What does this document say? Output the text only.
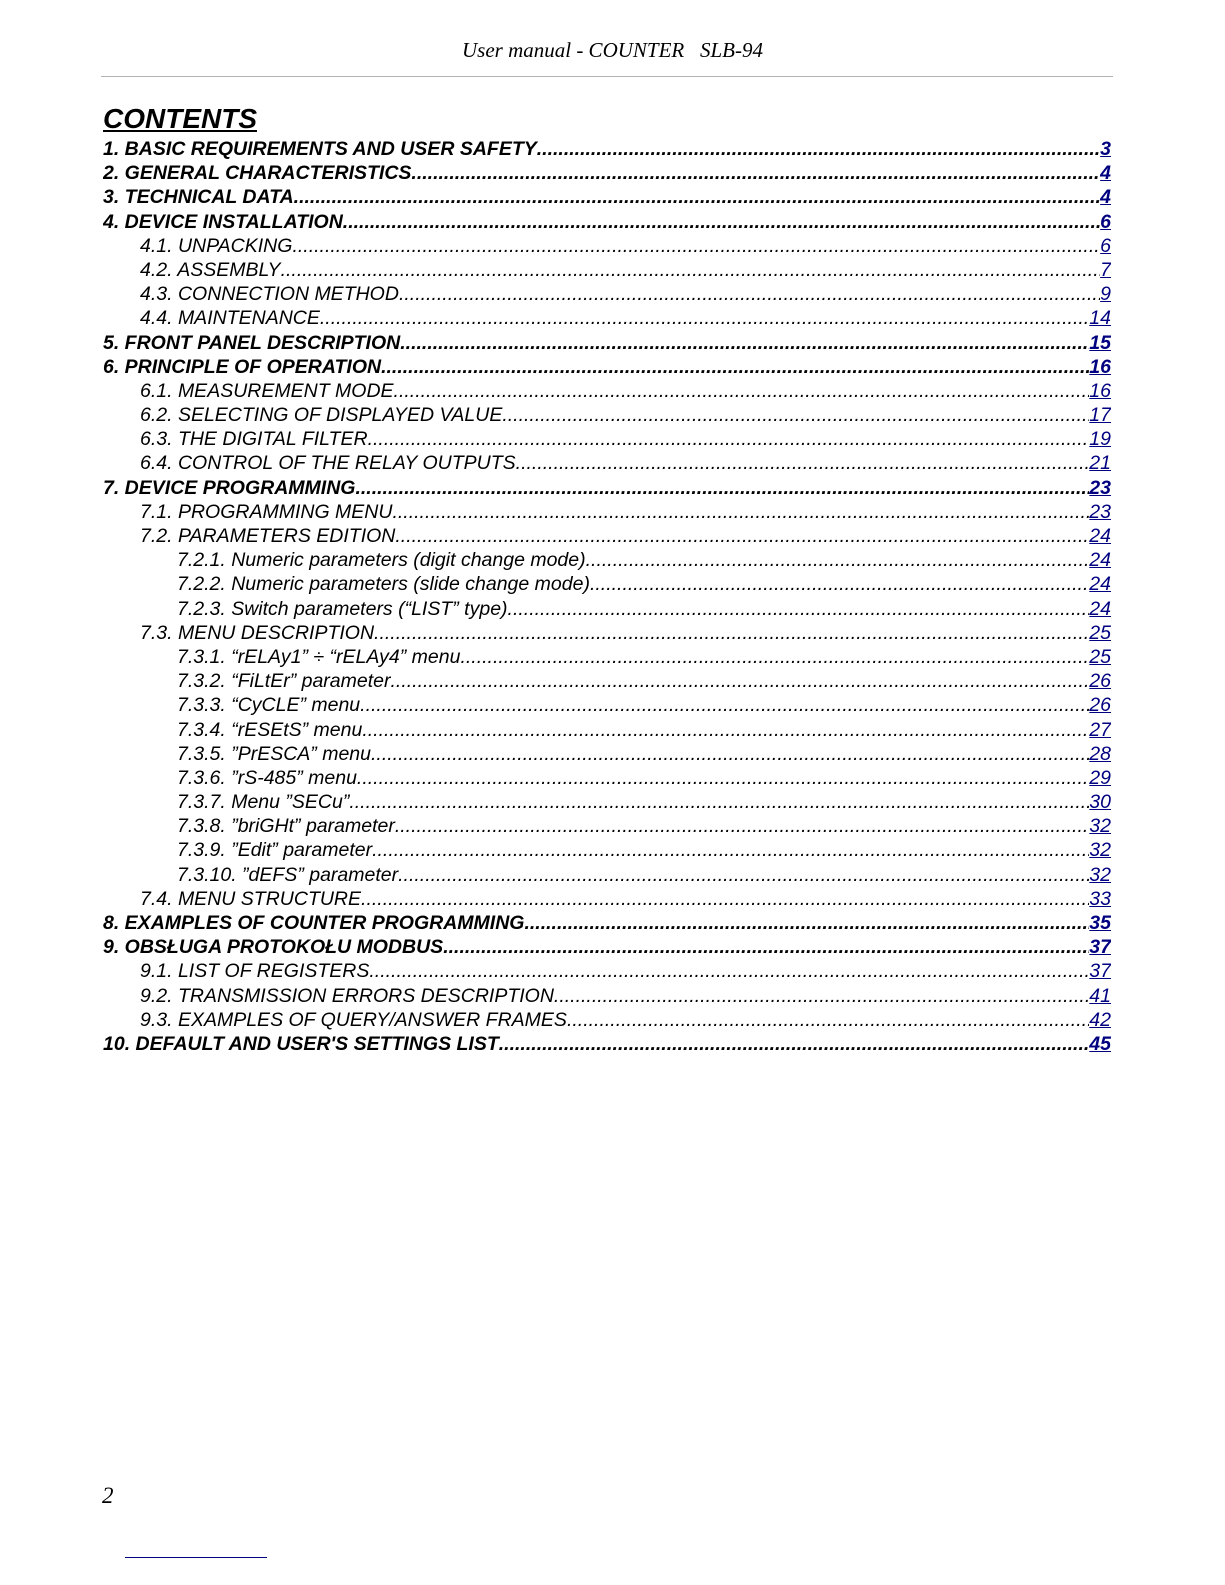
User manual - COUNTER   SLB-94
CONTENTS
1. BASIC REQUIREMENTS AND USER SAFETY .....	3
2. GENERAL CHARACTERISTICS .....	4
3. TECHNICAL DATA .....	4
4. DEVICE INSTALLATION .....	6
4.1. UNPACKING .....	6
4.2. ASSEMBLY .....	7
4.3. CONNECTION METHOD .....	9
4.4. MAINTENANCE .....	14
5. FRONT PANEL DESCRIPTION .....	15
6. PRINCIPLE OF OPERATION .....	16
6.1. MEASUREMENT MODE .....	16
6.2. SELECTING OF DISPLAYED VALUE .....	17
6.3. THE DIGITAL FILTER .....	19
6.4. CONTROL OF THE RELAY OUTPUTS .....	21
7. DEVICE PROGRAMMING .....	23
7.1. PROGRAMMING MENU .....	23
7.2. PARAMETERS EDITION .....	24
7.2.1. Numeric parameters (digit change mode) .....	24
7.2.2. Numeric parameters (slide change mode) .....	24
7.2.3. Switch parameters (“LIST” type) .....	24
7.3. MENU DESCRIPTION .....	25
7.3.1. “rELAy1” ÷ “rELAy4” menu .....	25
7.3.2. “FiLtEr” parameter .....	26
7.3.3. “CyCLE” menu .....	26
7.3.4. “rESEtS” menu .....	27
7.3.5. ”PrESCA” menu .....	28
7.3.6. ”rS-485” menu .....	29
7.3.7. Menu ”SECu” .....	30
7.3.8. ”briGHt” parameter .....	32
7.3.9. ”Edit” parameter .....	32
7.3.10. ”dEFS” parameter .....	32
7.4. MENU STRUCTURE .....	33
8. EXAMPLES OF COUNTER PROGRAMMING .....	35
9. OBSŁUGA PROTOKOŁU MODBUS .....	37
9.1. LIST OF REGISTERS .....	37
9.2. TRANSMISSION ERRORS DESCRIPTION .....	41
9.3. EXAMPLES OF QUERY/ANSWER FRAMES .....	42
10. DEFAULT AND USER'S SETTINGS LIST .....	45
2
